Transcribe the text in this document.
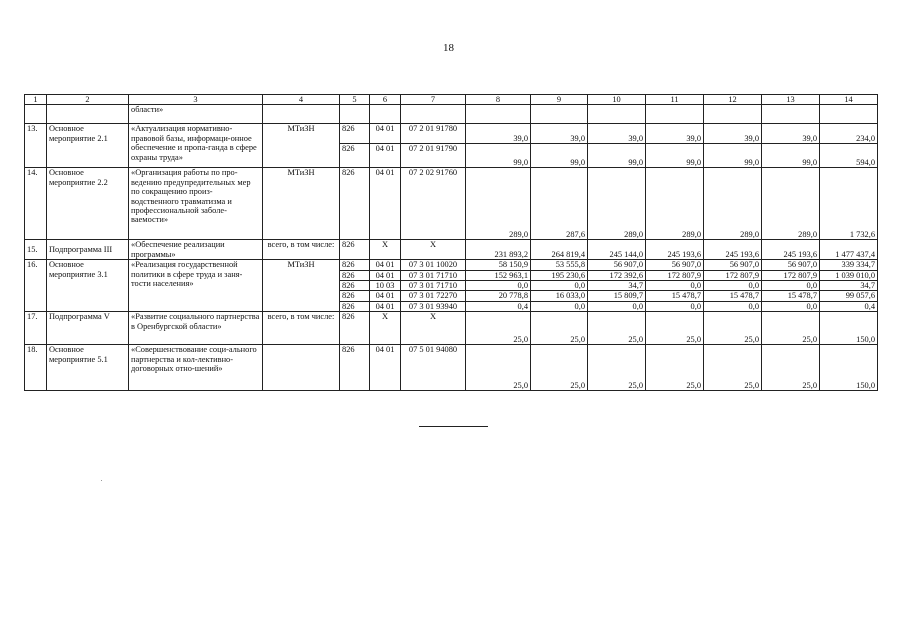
18
1	2	3	4	5	6	7	8	9	10	11	12	13	14
		области»											
13.	Основное мероприятие 2.1	«Актуализация нормативно-правовой базы, информаци-онное обеспечение и пропа-ганда в сфере охраны труда»	МТиЗН	826	04 01	07 2 01 91780	39,0	39,0	39,0	39,0	39,0	39,0	234,0
				826	04 01	07 2 01 91790	99,0	99,0	99,0	99,0	99,0	99,0	594,0
14.	Основное мероприятие 2.2	«Организация работы по про-ведению предупредительных мер по сокращению произ-водственного травматизма и профессиональной заболе-ваемости»	МТиЗН	826	04 01	07 2 02 91760	289,0	287,6	289,0	289,0	289,0	289,0	1 732,6
15.	Подпрограмма III	«Обеспечение реализации программы»	всего, в том числе:	826	Х	Х	231 893,2	264 819,4	245 144,0	245 193,6	245 193,6	245 193,6	1 477 437,4
16.	Основное мероприятие 3.1	«Реализация государственной политики в сфере труда и заня-тости населения»	МТиЗН	826	04 01	07 3 01 10020	58 150,9	53 555,8	56 907,0	56 907,0	56 907,0	56 907,0	339 334,7
				826	04 01	07 3 01 71710	152 963,1	195 230,6	172 392,6	172 807,9	172 807,9	172 807,9	1 039 010,0
				826	10 03	07 3 01 71710	0,0	0,0	34,7	0,0	0,0	0,0	34,7
				826	04 01	07 3 01 72270	20 778,8	16 033,0	15 809,7	15 478,7	15 478,7	15 478,7	99 057,6
				826	04 01	07 3 01 93940	0,4	0,0	0,0	0,0	0,0	0,0	0,4
17.	Подпрограмма V	«Развитие социального партнерства в Оренбургской области»	всего, в том числе:	826	Х	Х	25,0	25,0	25,0	25,0	25,0	25,0	150,0
18.	Основное мероприятие 5.1	«Совершенствование соци-ального партнерства и кол-лективно-договорных отно-шений»		826	04 01	07 5 01 94080	25,0	25,0	25,0	25,0	25,0	25,0	150,0
